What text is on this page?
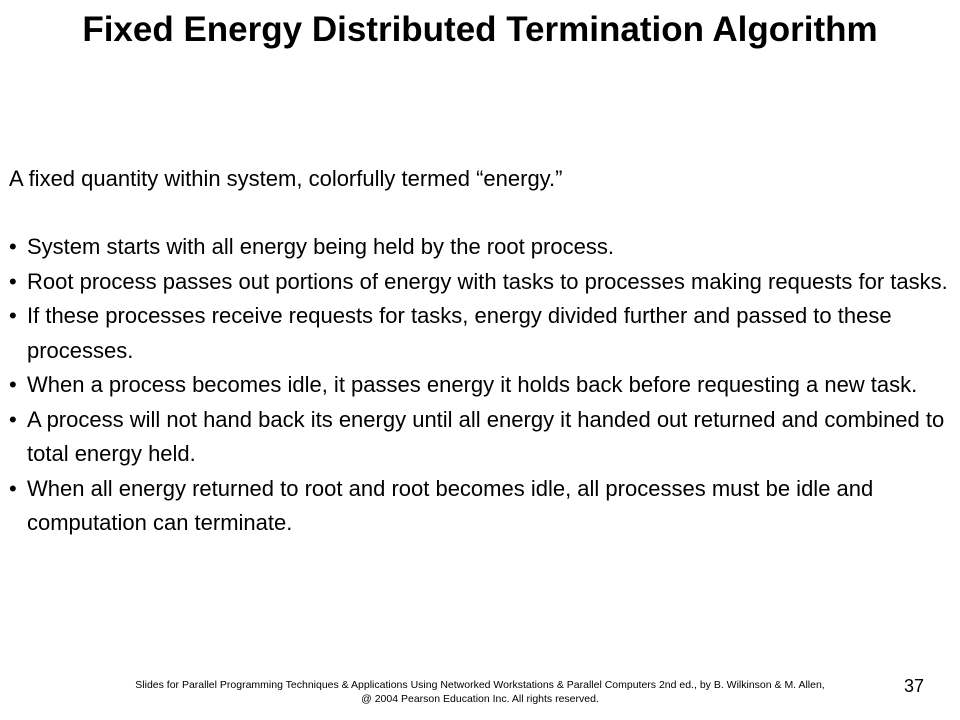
Fixed Energy Distributed Termination Algorithm

A fixed quantity within system, colorfully termed “energy.”

• System starts with all energy being held by the root process.
• Root process passes out portions of energy with tasks to processes making requests for tasks.
• If these processes receive requests for tasks, energy divided further and passed to these processes.
• When a process becomes idle, it passes energy it holds back before requesting a new task.
• A process will not hand back its energy until all energy it handed out returned and combined to total energy held.
• When all energy returned to root and root becomes idle, all processes must be idle and computation can terminate.
Slides for Parallel Programming Techniques & Applications Using Networked Workstations & Parallel Computers 2nd ed., by B. Wilkinson & M. Allen,
@ 2004 Pearson Education Inc. All rights reserved.
37
